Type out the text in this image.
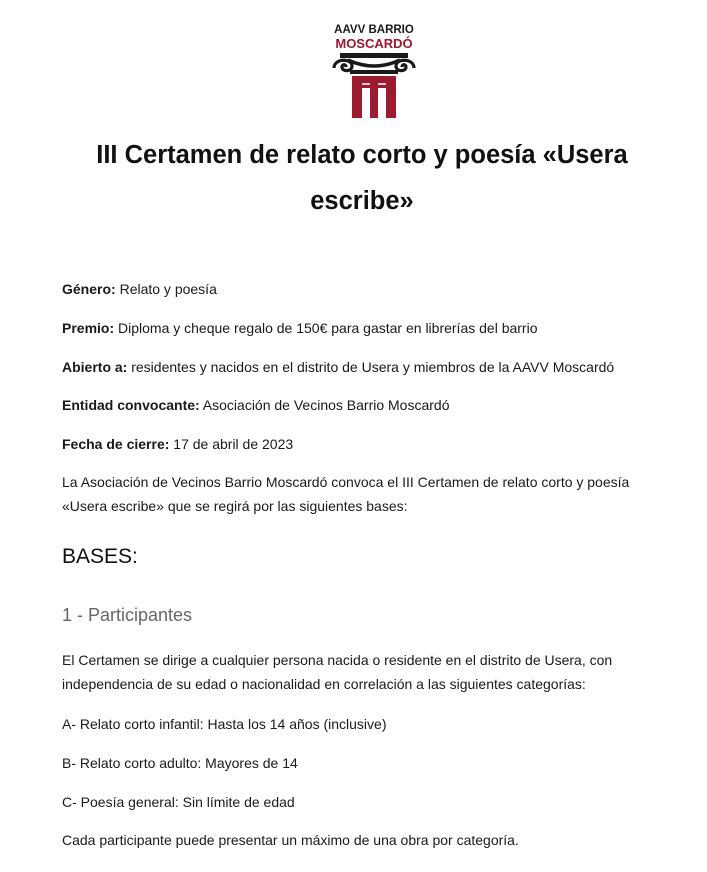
AAVV BARRIO
MOSCARDÓ
III Certamen de relato corto y poesía «Usera
escribe»

Género: Relato y poesía

Premio: Diploma y cheque regalo de 150€ para gastar en librerías del barrio

Abierto a: residentes y nacidos en el distrito de Usera y miembros de la AAVV Moscardó

Entidad convocante: Asociación de Vecinos Barrio Moscardó

Fecha de cierre: 17 de abril de 2023

La Asociación de Vecinos Barrio Moscardó convoca el III Certamen de relato corto y poesía
«Usera escribe» que se regirá por las siguientes bases:

BASES:
1 - Participantes

El Certamen se dirige a cualquier persona nacida o residente en el distrito de Usera, con
independencia de su edad o nacionalidad en correlación a las siguientes categorías:

A- Relato corto infantil: Hasta los 14 años (inclusive)

B- Relato corto adulto: Mayores de 14

C- Poesía general: Sin límite de edad

Cada participante puede presentar un máximo de una obra por categoría.
